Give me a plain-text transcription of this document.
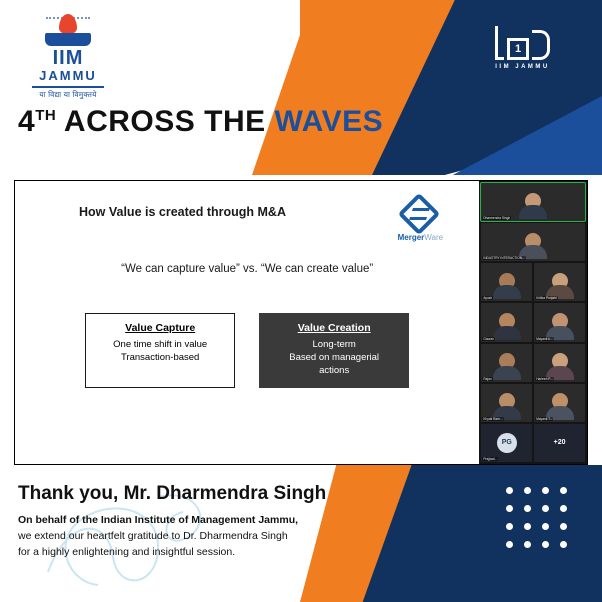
IIM
JAMMU
या विद्या या विमुक्तये
1
IIM JAMMU
4TH ACROSS THE WAVES
How Value is created through M&A
MergerWare
“We can capture value” vs. “We can create value”
Value Capture
One time shift in value
Transaction-based
Value Creation
Long-term
Based on managerial
actions
Dharmendra Singh
INDUSTRY INTERACTION...
Ayush	Kritika Punjabi
Gaurav	Mayank k...
Rajan	Harleen P...
Khyati Ram...	Mayank T...
PG
Prajjwal...
+20
Thank you, Mr. Dharmendra Singh
On behalf of the Indian Institute of Management Jammu,
we extend our heartfelt gratitude to Dr. Dharmendra Singh
for a highly enlightening and insightful session.
